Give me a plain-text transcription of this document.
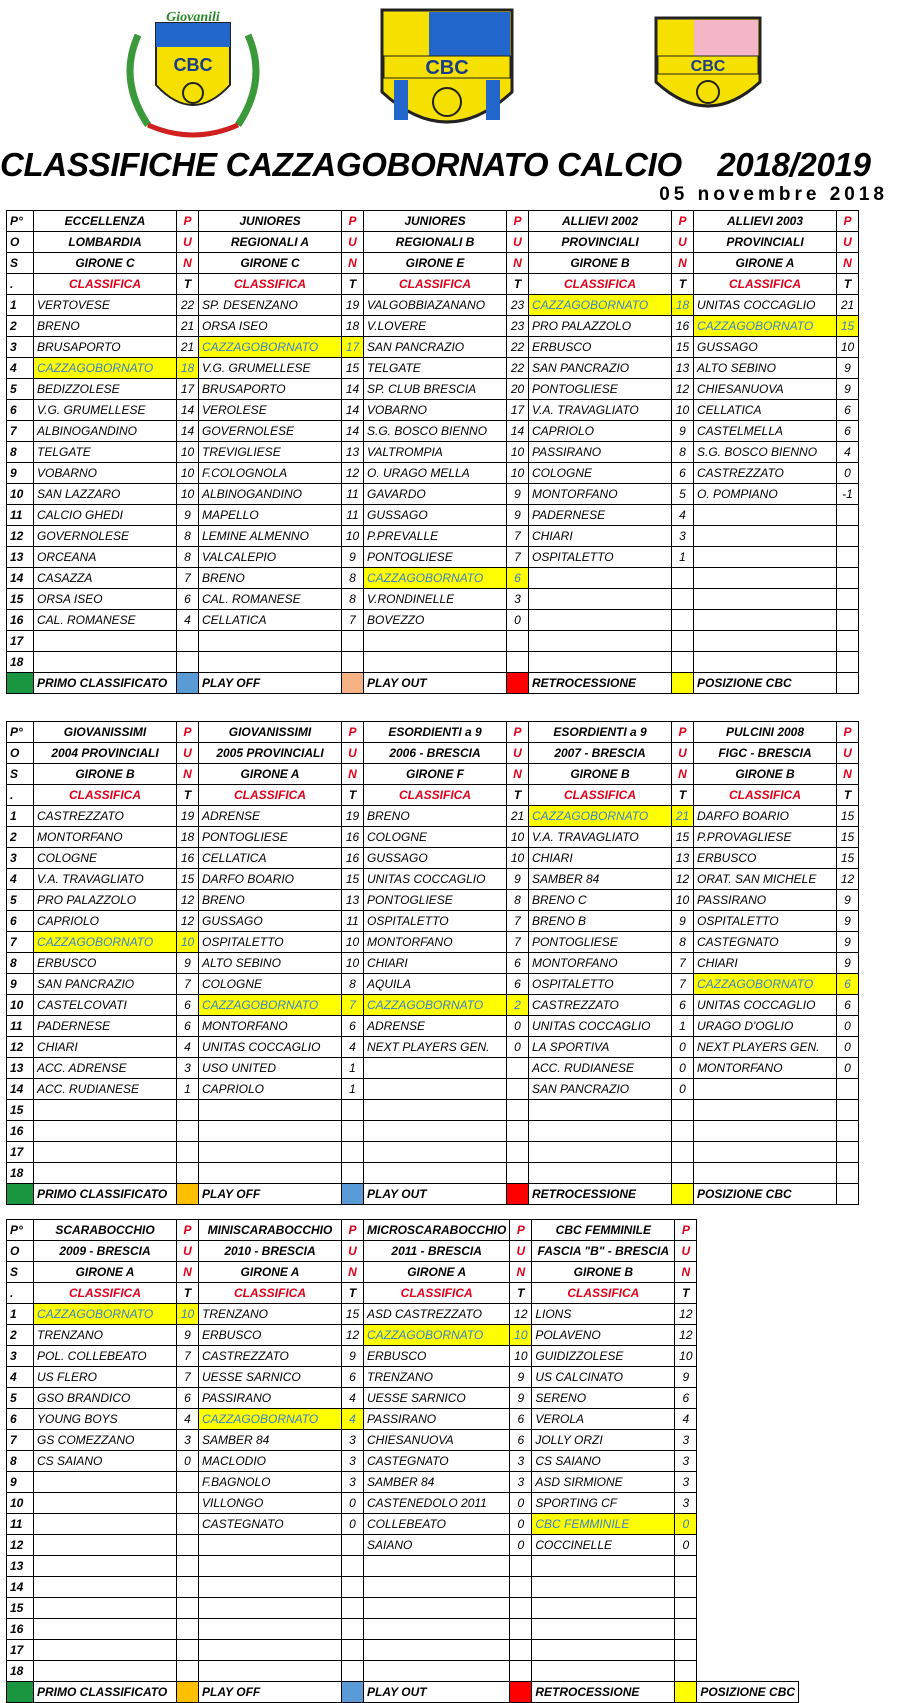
Giovanili
CBC	CBC	CBC
CLASSIFICHE CAZZAGOBORNATO CALCIO    2018/2019
05 novembre 2018
P°	ECCELLENZA	P	JUNIORES	P	JUNIORES	P	ALLIEVI 2002	P	ALLIEVI 2003	P
O	LOMBARDIA	U	REGIONALI A	U	REGIONALI B	U	PROVINCIALI	U	PROVINCIALI	U
S	GIRONE C	N	GIRONE C	N	GIRONE E	N	GIRONE B	N	GIRONE A	N
.	CLASSIFICA	T	CLASSIFICA	T	CLASSIFICA	T	CLASSIFICA	T	CLASSIFICA	T
1	VERTOVESE	22	SP. DESENZANO	19	VALGOBBIAZANANO	23	CAZZAGOBORNATO	18	UNITAS COCCAGLIO	21
2	BRENO	21	ORSA ISEO	18	V.LOVERE	23	PRO PALAZZOLO	16	CAZZAGOBORNATO	15
3	BRUSAPORTO	21	CAZZAGOBORNATO	17	SAN PANCRAZIO	22	ERBUSCO	15	GUSSAGO	10
4	CAZZAGOBORNATO	18	V.G. GRUMELLESE	15	TELGATE	22	SAN PANCRAZIO	13	ALTO SEBINO	9
5	BEDIZZOLESE	17	BRUSAPORTO	14	SP. CLUB BRESCIA	20	PONTOGLIESE	12	CHIESANUOVA	9
6	V.G. GRUMELLESE	14	VEROLESE	14	VOBARNO	17	V.A. TRAVAGLIATO	10	CELLATICA	6
7	ALBINOGANDINO	14	GOVERNOLESE	14	S.G. BOSCO BIENNO	14	CAPRIOLO	9	CASTELMELLA	6
8	TELGATE	10	TREVIGLIESE	13	VALTROMPIA	10	PASSIRANO	8	S.G. BOSCO BIENNO	4
9	VOBARNO	10	F.COLOGNOLA	12	O. URAGO MELLA	10	COLOGNE	6	CASTREZZATO	0
10	SAN LAZZARO	10	ALBINOGANDINO	11	GAVARDO	9	MONTORFANO	5	O. POMPIANO	-1
11	CALCIO GHEDI	9	MAPELLO	11	GUSSAGO	9	PADERNESE	4		
12	GOVERNOLESE	8	LEMINE ALMENNO	10	P.PREVALLE	7	CHIARI	3		
13	ORCEANA	8	VALCALEPIO	9	PONTOGLIESE	7	OSPITALETTO	1		
14	CASAZZA	7	BRENO	8	CAZZAGOBORNATO	6				
15	ORSA ISEO	6	CAL. ROMANESE	8	V.RONDINELLE	3				
16	CAL. ROMANESE	4	CELLATICA	7	BOVEZZO	0				
17										
18										
	PRIMO CLASSIFICATO		PLAY OFF		PLAY OUT		RETROCESSIONE		POSIZIONE CBC	
P°	GIOVANISSIMI	P	GIOVANISSIMI	P	ESORDIENTI a 9	P	ESORDIENTI a 9	P	PULCINI 2008	P
O	2004 PROVINCIALI	U	2005 PROVINCIALI	U	2006 - BRESCIA	U	2007 - BRESCIA	U	FIGC - BRESCIA	U
S	GIRONE B	N	GIRONE A	N	GIRONE F	N	GIRONE B	N	GIRONE B	N
.	CLASSIFICA	T	CLASSIFICA	T	CLASSIFICA	T	CLASSIFICA	T	CLASSIFICA	T
1	CASTREZZATO	19	ADRENSE	19	BRENO	21	CAZZAGOBORNATO	21	DARFO BOARIO	15
2	MONTORFANO	18	PONTOGLIESE	16	COLOGNE	10	V.A. TRAVAGLIATO	15	P.PROVAGLIESE	15
3	COLOGNE	16	CELLATICA	16	GUSSAGO	10	CHIARI	13	ERBUSCO	15
4	V.A. TRAVAGLIATO	15	DARFO BOARIO	15	UNITAS COCCAGLIO	9	SAMBER 84	12	ORAT. SAN MICHELE	12
5	PRO PALAZZOLO	12	BRENO	13	PONTOGLIESE	8	BRENO C	10	PASSIRANO	9
6	CAPRIOLO	12	GUSSAGO	11	OSPITALETTO	7	BRENO B	9	OSPITALETTO	9
7	CAZZAGOBORNATO	10	OSPITALETTO	10	MONTORFANO	7	PONTOGLIESE	8	CASTEGNATO	9
8	ERBUSCO	9	ALTO SEBINO	10	CHIARI	6	MONTORFANO	7	CHIARI	9
9	SAN PANCRAZIO	7	COLOGNE	8	AQUILA	6	OSPITALETTO	7	CAZZAGOBORNATO	6
10	CASTELCOVATI	6	CAZZAGOBORNATO	7	CAZZAGOBORNATO	2	CASTREZZATO	6	UNITAS COCCAGLIO	6
11	PADERNESE	6	MONTORFANO	6	ADRENSE	0	UNITAS COCCAGLIO	1	URAGO D'OGLIO	0
12	CHIARI	4	UNITAS COCCAGLIO	4	NEXT PLAYERS GEN.	0	LA SPORTIVA	0	NEXT PLAYERS GEN.	0
13	ACC. ADRENSE	3	USO UNITED	1			ACC. RUDIANESE	0	MONTORFANO	0
14	ACC. RUDIANESE	1	CAPRIOLO	1			SAN PANCRAZIO	0		
15										
16										
17										
18										
	PRIMO CLASSIFICATO		PLAY OFF		PLAY OUT		RETROCESSIONE		POSIZIONE CBC	
P°	SCARABOCCHIO	P	MINISCARABOCCHIO	P	MICROSCARABOCCHIO	P	CBC FEMMINILE	P	
O	2009 - BRESCIA	U	2010 - BRESCIA	U	2011 - BRESCIA	U	FASCIA "B" - BRESCIA	U	
S	GIRONE A	N	GIRONE A	N	GIRONE A	N	GIRONE B	N	
.	CLASSIFICA	T	CLASSIFICA	T	CLASSIFICA	T	CLASSIFICA	T	
1	CAZZAGOBORNATO	10	TRENZANO	15	ASD CASTREZZATO	12	LIONS	12	
2	TRENZANO	9	ERBUSCO	12	CAZZAGOBORNATO	10	POLAVENO	12	
3	POL. COLLEBEATO	7	CASTREZZATO	9	ERBUSCO	10	GUIDIZZOLESE	10	
4	US FLERO	7	UESSE SARNICO	6	TRENZANO	9	US CALCINATO	9	
5	GSO BRANDICO	6	PASSIRANO	4	UESSE SARNICO	9	SERENO	6	
6	YOUNG BOYS	4	CAZZAGOBORNATO	4	PASSIRANO	6	VEROLA	4	
7	GS COMEZZANO	3	SAMBER 84	3	CHIESANUOVA	6	JOLLY ORZI	3	
8	CS SAIANO	0	MACLODIO	3	CASTEGNATO	3	CS SAIANO	3	
9			F.BAGNOLO	3	SAMBER 84	3	ASD SIRMIONE	3	
10			VILLONGO	0	CASTENEDOLO 2011	0	SPORTING CF	3	
11			CASTEGNATO	0	COLLEBEATO	0	CBC FEMMINILE	0	
12					SAIANO	0	COCCINELLE	0	
13									
14									
15									
16									
17									
18									
	PRIMO CLASSIFICATO		PLAY OFF		PLAY OUT		RETROCESSIONE		POSIZIONE CBC
